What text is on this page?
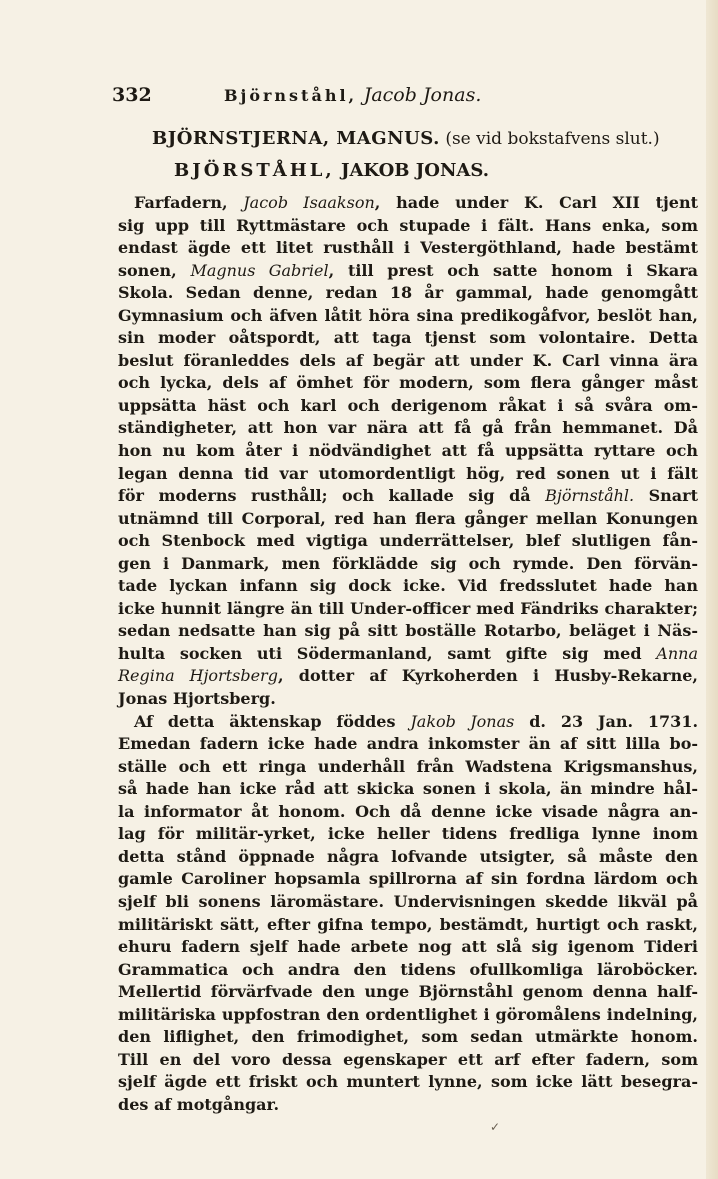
332	Björnståhl, Jacob Jonas.
BJÖRNSTJERNA, MAGNUS. (se vid bokstafvens slut.)
BJÖRSTÅHL, JAKOB JONAS.
Farfadern, Jacob Isaakson, hade under K. Carl XII tjent
sig upp till Ryttmästare och stupade i fält. Hans enka, som
endast ägde ett litet rusthåll i Vestergöthland, hade bestämt
sonen, Magnus Gabriel, till prest och satte honom i Skara
Skola. Sedan denne, redan 18 år gammal, hade genomgått
Gymnasium och äfven låtit höra sina predikogåfvor, beslöt han,
sin moder oåtspordt, att taga tjenst som volontaire. Detta
beslut föranleddes dels af begär att under K. Carl vinna ära
och lycka, dels af ömhet för modern, som flera gånger måst
uppsätta häst och karl och derigenom råkat i så svåra om-
ständigheter, att hon var nära att få gå från hemmanet. Då
hon nu kom åter i nödvändighet att få uppsätta ryttare och
legan denna tid var utomordentligt hög, red sonen ut i fält
för moderns rusthåll; och kallade sig då Björnståhl. Snart
utnämnd till Corporal, red han flera gånger mellan Konungen
och Stenbock med vigtiga underrättelser, blef slutligen fån-
gen i Danmark, men förklädde sig och rymde. Den förvän-
tade lyckan infann sig dock icke. Vid fredsslutet hade han
icke hunnit längre än till Under-officer med Fändriks charakter;
sedan nedsatte han sig på sitt boställe Rotarbo, beläget i Näs-
hulta socken uti Södermanland, samt gifte sig med Anna
Regina Hjortsberg, dotter af Kyrkoherden i Husby-Rekarne,
Jonas Hjortsberg.
Af detta äktenskap föddes Jakob Jonas d. 23 Jan. 1731.
Emedan fadern icke hade andra inkomster än af sitt lilla bo-
ställe och ett ringa underhåll från Wadstena Krigsmanshus,
så hade han icke råd att skicka sonen i skola, än mindre hål-
la informator åt honom. Och då denne icke visade några an-
lag för militär-yrket, icke heller tidens fredliga lynne inom
detta stånd öppnade några lofvande utsigter, så måste den
gamle Caroliner hopsamla spillrorna af sin fordna lärdom och
sjelf bli sonens läromästare. Undervisningen skedde likväl på
militäriskt sätt, efter gifna tempo, bestämdt, hurtigt och raskt,
ehuru fadern sjelf hade arbete nog att slå sig igenom Tideri
Grammatica och andra den tidens ofullkomliga läroböcker.
Mellertid förvärfvade den unge Björnståhl genom denna half-
militäriska uppfostran den ordentlighet i göromålens indelning,
den liflighet, den frimodighet, som sedan utmärkte honom.
Till en del voro dessa egenskaper ett arf efter fadern, som
sjelf ägde ett friskt och muntert lynne, som icke lätt besegra-
des af motgångar.
✓
